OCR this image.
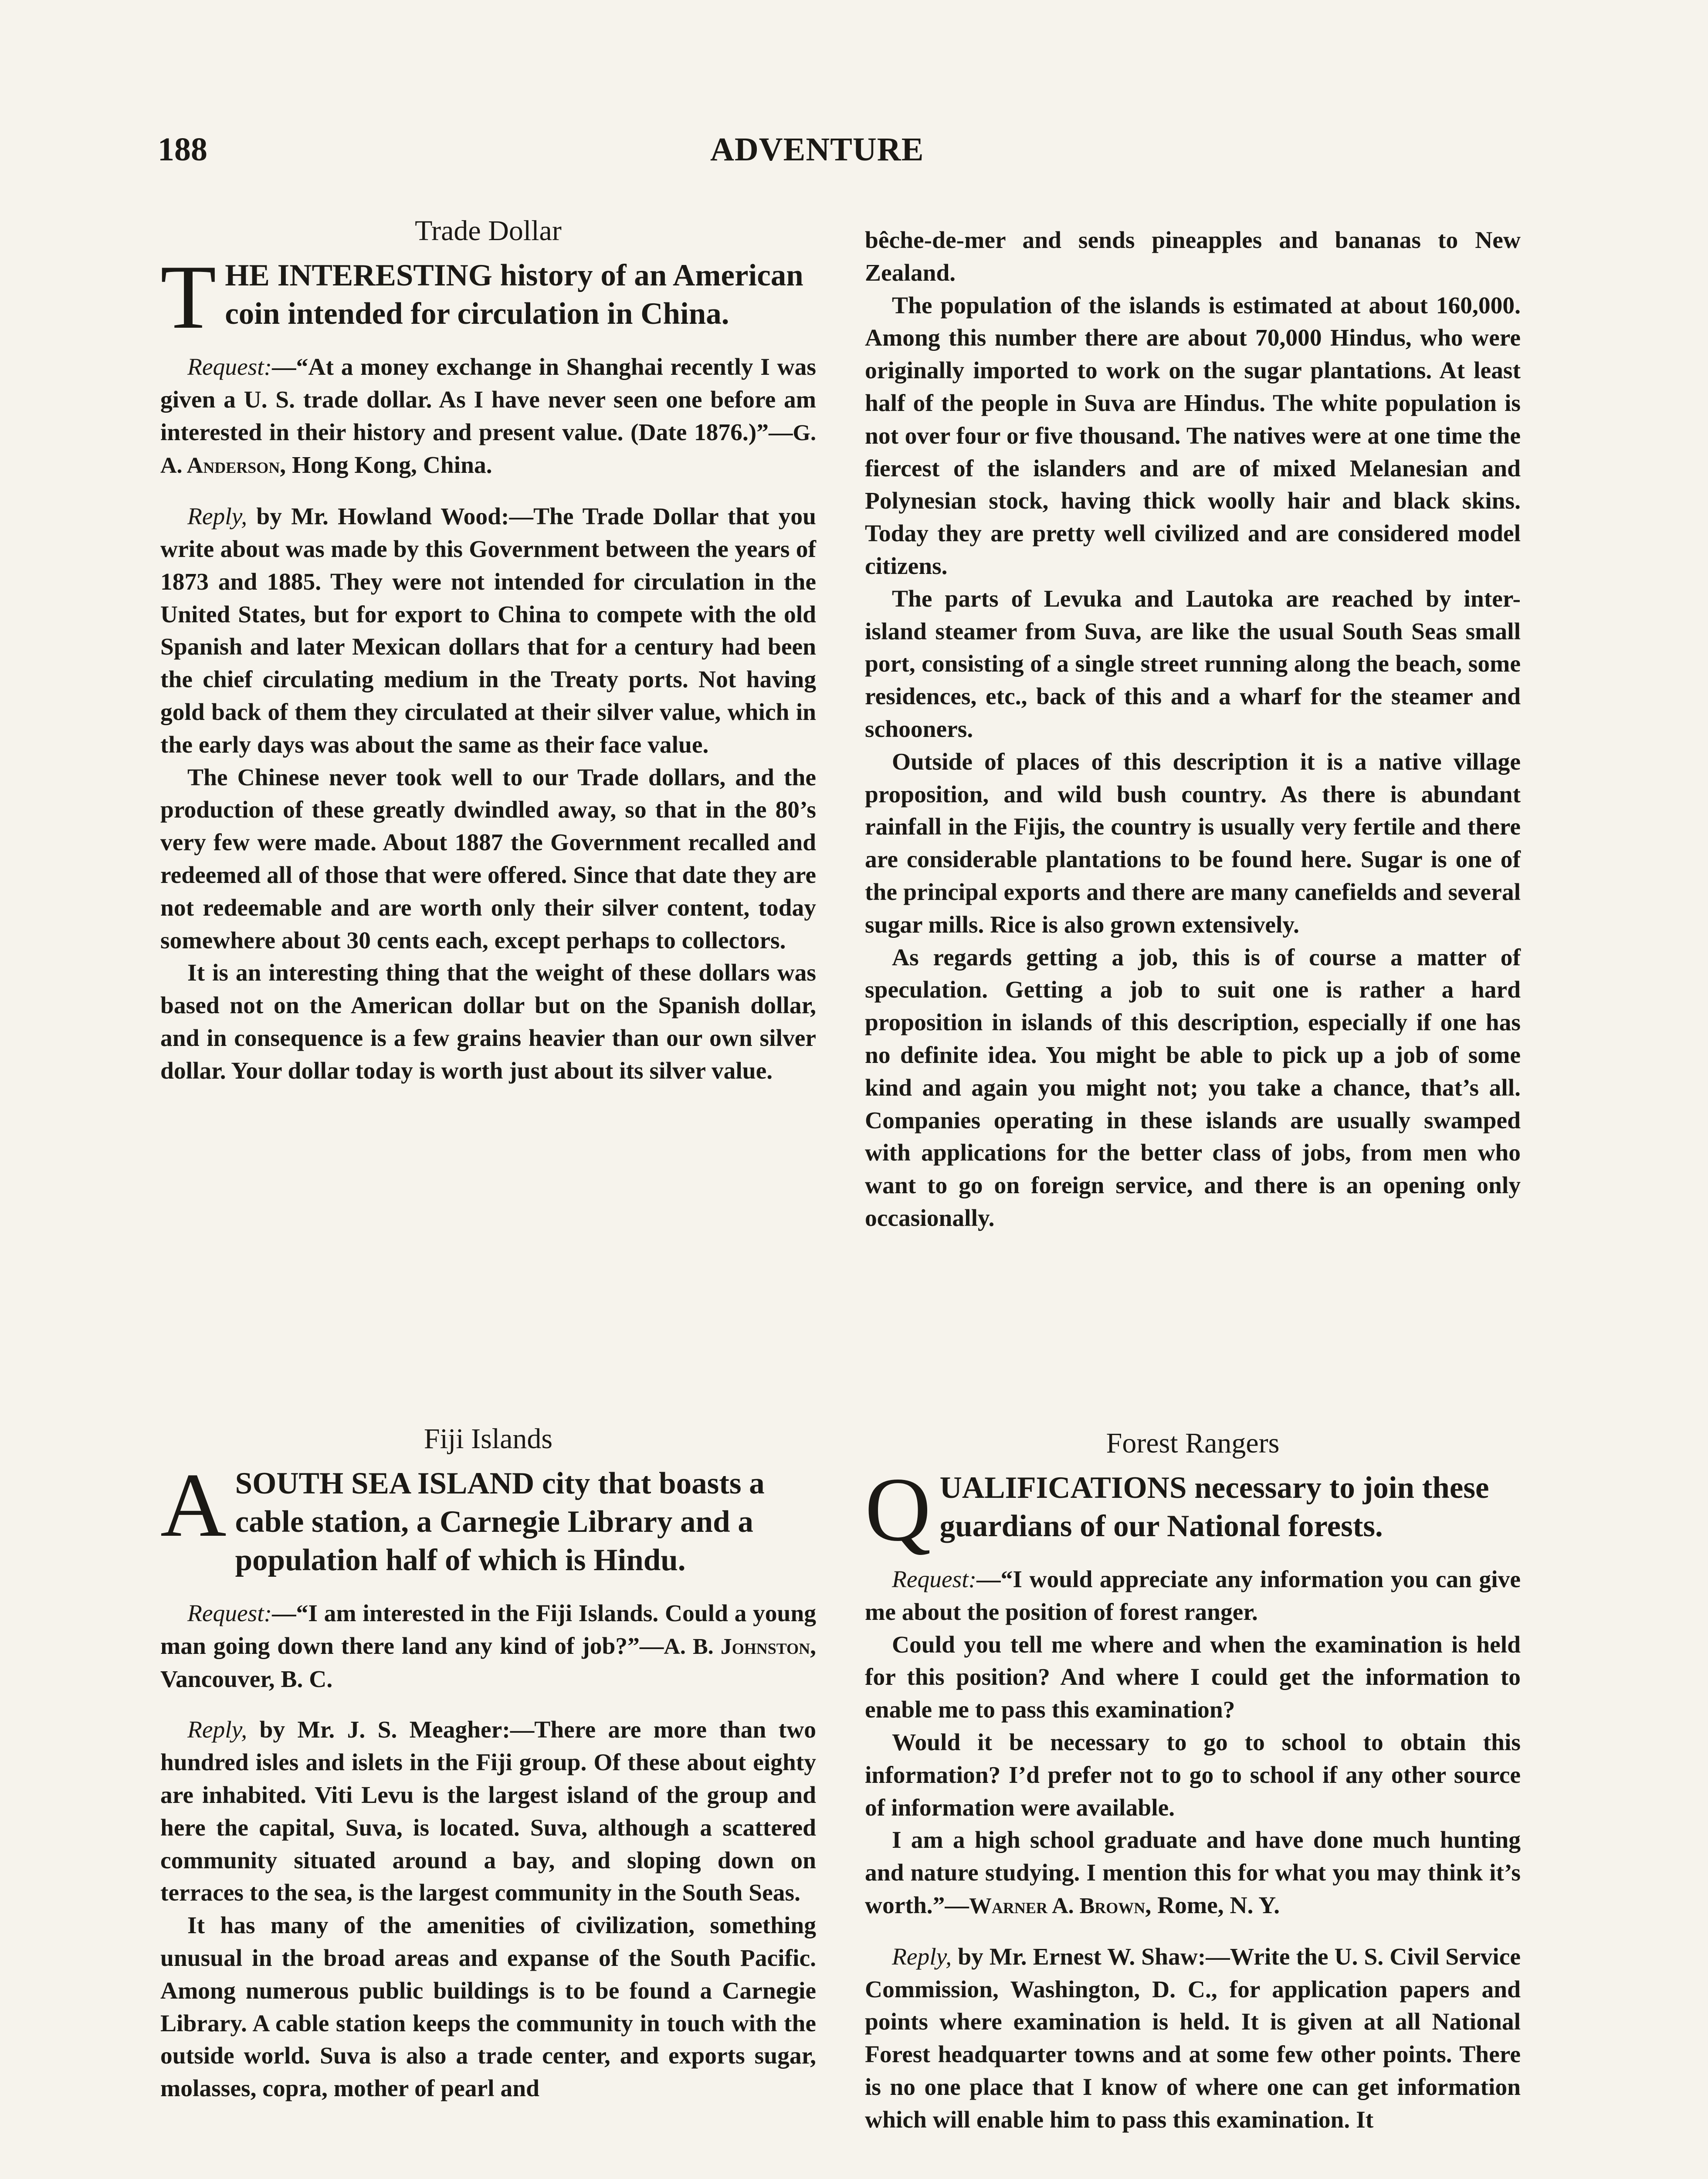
188	ADVENTURE
Trade Dollar
THE INTERESTING history of an American coin intended for circulation in China.

Request:—“At a money exchange in Shanghai recently I was given a U. S. trade dollar. As I have never seen one before am interested in their history and present value. (Date 1876.)”—G. A. Anderson, Hong Kong, China.

Reply, by Mr. Howland Wood:—The Trade Dollar that you write about was made by this Government between the years of 1873 and 1885. They were not intended for circulation in the United States, but for export to China to compete with the old Spanish and later Mexican dollars that for a century had been the chief circulating medium in the Treaty ports. Not having gold back of them they circulated at their silver value, which in the early days was about the same as their face value.

The Chinese never took well to our Trade dollars, and the production of these greatly dwindled away, so that in the 80’s very few were made. About 1887 the Government recalled and redeemed all of those that were offered. Since that date they are not redeemable and are worth only their silver content, today somewhere about 30 cents each, except perhaps to collectors.

It is an interesting thing that the weight of these dollars was based not on the American dollar but on the Spanish dollar, and in consequence is a few grains heavier than our own silver dollar. Your dollar today is worth just about its silver value.

Fiji Islands
ASOUTH SEA ISLAND city that boasts a cable station, a Carnegie Library and a population half of which is Hindu.

Request:—“I am interested in the Fiji Islands. Could a young man going down there land any kind of job?”—A. B. Johnston, Vancouver, B. C.

Reply, by Mr. J. S. Meagher:—There are more than two hundred isles and islets in the Fiji group. Of these about eighty are inhabited. Viti Levu is the largest island of the group and here the capital, Suva, is located. Suva, although a scattered community situated around a bay, and sloping down on terraces to the sea, is the largest community in the South Seas.

It has many of the amenities of civilization, something unusual in the broad areas and expanse of the South Pacific. Among numerous public buildings is to be found a Carnegie Library. A cable station keeps the community in touch with the outside world. Suva is also a trade center, and exports sugar, molasses, copra, mother of pearl and

bêche-de-mer and sends pineapples and bananas to New Zealand.

The population of the islands is estimated at about 160,000. Among this number there are about 70,000 Hindus, who were originally imported to work on the sugar plantations. At least half of the people in Suva are Hindus. The white population is not over four or five thousand. The natives were at one time the fiercest of the islanders and are of mixed Melanesian and Polynesian stock, having thick woolly hair and black skins. Today they are pretty well civilized and are considered model citizens.

The parts of Levuka and Lautoka are reached by inter-island steamer from Suva, are like the usual South Seas small port, consisting of a single street running along the beach, some residences, etc., back of this and a wharf for the steamer and schooners.

Outside of places of this description it is a native village proposition, and wild bush country. As there is abundant rainfall in the Fijis, the country is usually very fertile and there are considerable plantations to be found here. Sugar is one of the principal exports and there are many canefields and several sugar mills. Rice is also grown extensively.

As regards getting a job, this is of course a matter of speculation. Getting a job to suit one is rather a hard proposition in islands of this description, especially if one has no definite idea. You might be able to pick up a job of some kind and again you might not; you take a chance, that’s all. Companies operating in these islands are usually swamped with applications for the better class of jobs, from men who want to go on foreign service, and there is an opening only occasionally.

Forest Rangers
QUALIFICATIONS necessary to join these guardians of our National forests.

Request:—“I would appreciate any information you can give me about the position of forest ranger.

Could you tell me where and when the examination is held for this position? And where I could get the information to enable me to pass this examination?

Would it be necessary to go to school to obtain this information? I’d prefer not to go to school if any other source of information were available.

I am a high school graduate and have done much hunting and nature studying. I mention this for what you may think it’s worth.”—Warner A. Brown, Rome, N. Y.

Reply, by Mr. Ernest W. Shaw:—Write the U. S. Civil Service Commission, Washington, D. C., for application papers and points where examination is held. It is given at all National Forest headquarter towns and at some few other points. There is no one place that I know of where one can get information which will enable him to pass this examination. It
